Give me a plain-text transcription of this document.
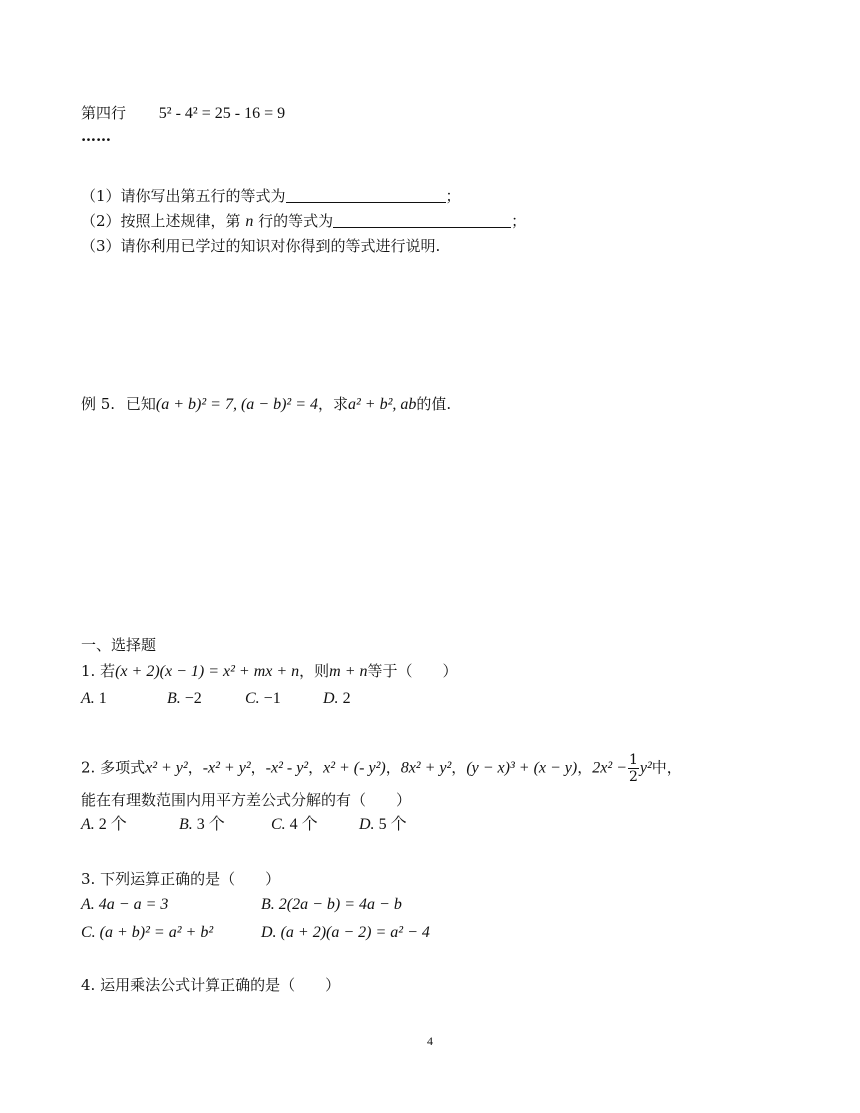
第四行 5² - 4² = 25 - 16 = 9
……
（1）请你写出第五行的等式为	；
（2）按照上述规律，第 n 行的等式为	；
（3）请你利用已学过的知识对你得到的等式进行说明.
例 5. 已知(a + b)² = 7, (a − b)² = 4，求a² + b², ab的值.
一、选择题
1. 若(x + 2)(x − 1) = x² + mx + n，则m + n等于（　　）
A. 1	B. −2	C. −1	D. 2
2. 多项式x² + y²，-x² + y²，-x² - y²，x² + (- y²)，8x² + y²，(y − x)³ + (x − y)，$2x^2 - \frac{1}{2} y^2$中，
能在有理数范围内用平方差公式分解的有（　　）
A. 2 个	B. 3 个	C. 4 个	D. 5 个
3. 下列运算正确的是（　　）
A. 4a − a = 3	B. 2(2a − b) = 4a − b
C. (a + b)² = a² + b²	D. (a + 2)(a − 2) = a² − 4
4. 运用乘法公式计算正确的是（　　）
4
